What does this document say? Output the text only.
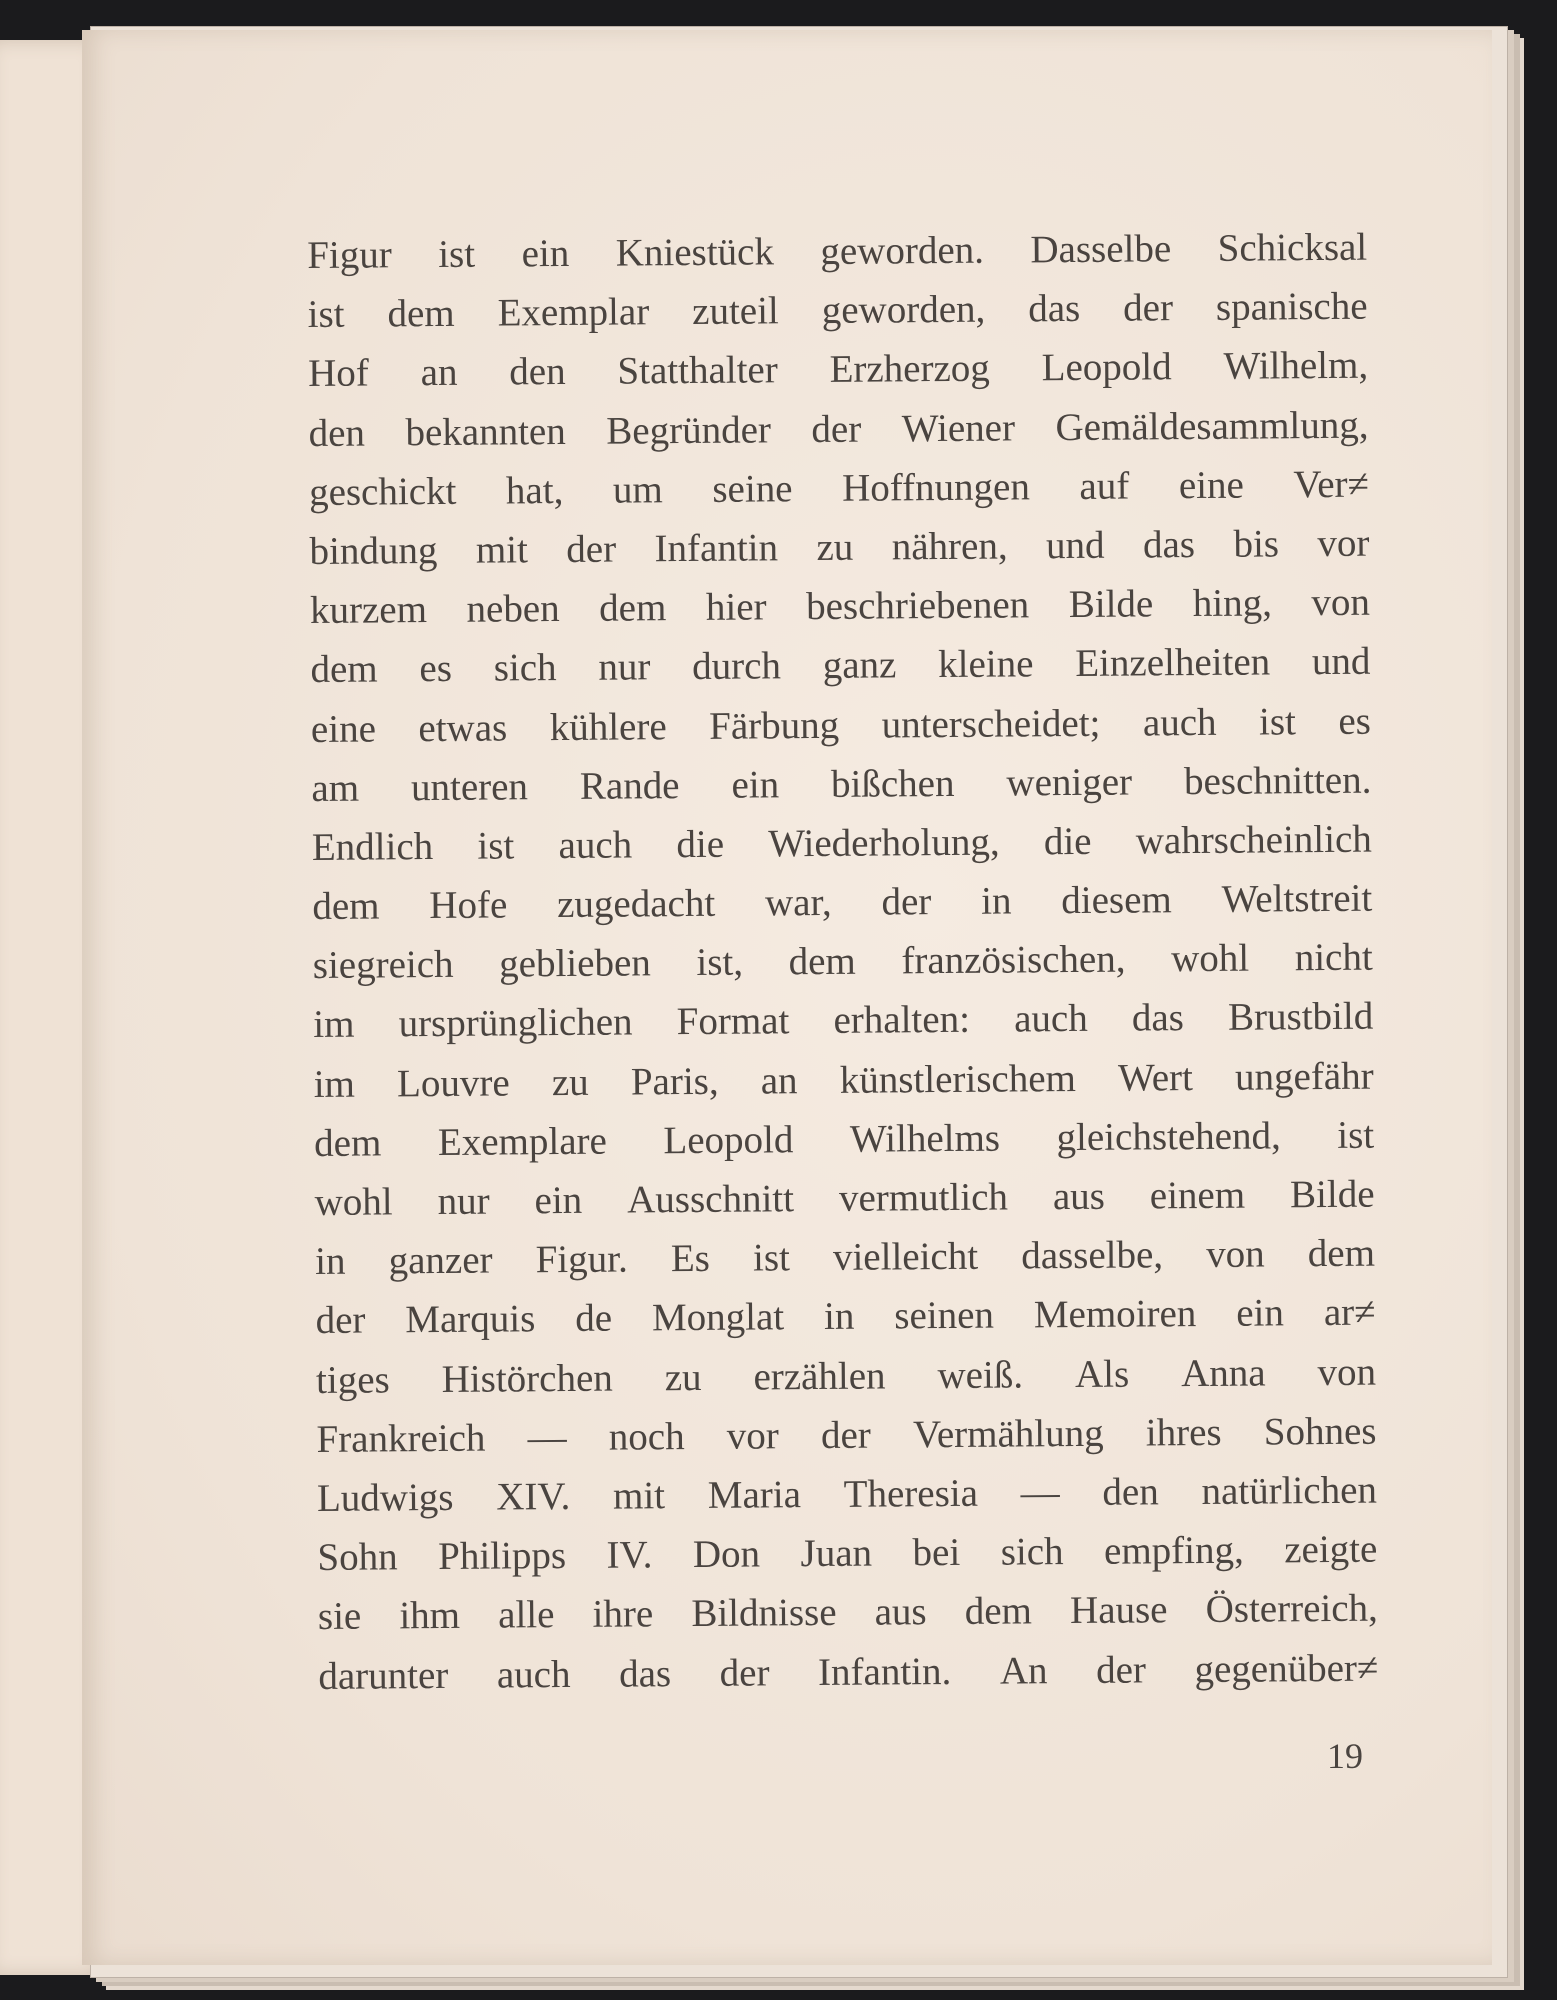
Figur ist ein Kniestück geworden. Dasselbe Schicksal
ist dem Exemplar zuteil geworden, das der spanische
Hof an den Statthalter Erzherzog Leopold Wilhelm,
den bekannten Begründer der Wiener Gemäldesammlung,
geschickt hat, um seine Hoffnungen auf eine Ver≠
bindung mit der Infantin zu nähren, und das bis vor
kurzem neben dem hier beschriebenen Bilde hing, von
dem es sich nur durch ganz kleine Einzelheiten und
eine etwas kühlere Färbung unterscheidet; auch ist es
am unteren Rande ein bißchen weniger beschnitten.
Endlich ist auch die Wiederholung, die wahrscheinlich
dem Hofe zugedacht war, der in diesem Weltstreit
siegreich geblieben ist, dem französischen, wohl nicht
im ursprünglichen Format erhalten: auch das Brustbild
im Louvre zu Paris, an künstlerischem Wert ungefähr
dem Exemplare Leopold Wilhelms gleichstehend, ist
wohl nur ein Ausschnitt vermutlich aus einem Bilde
in ganzer Figur. Es ist vielleicht dasselbe, von dem
der Marquis de Monglat in seinen Memoiren ein ar≠
tiges Histörchen zu erzählen weiß. Als Anna von
Frankreich — noch vor der Vermählung ihres Sohnes
Ludwigs XIV. mit Maria Theresia — den natürlichen
Sohn Philipps IV. Don Juan bei sich empfing, zeigte
sie ihm alle ihre Bildnisse aus dem Hause Österreich,
darunter auch das der Infantin. An der gegenüber≠
19
